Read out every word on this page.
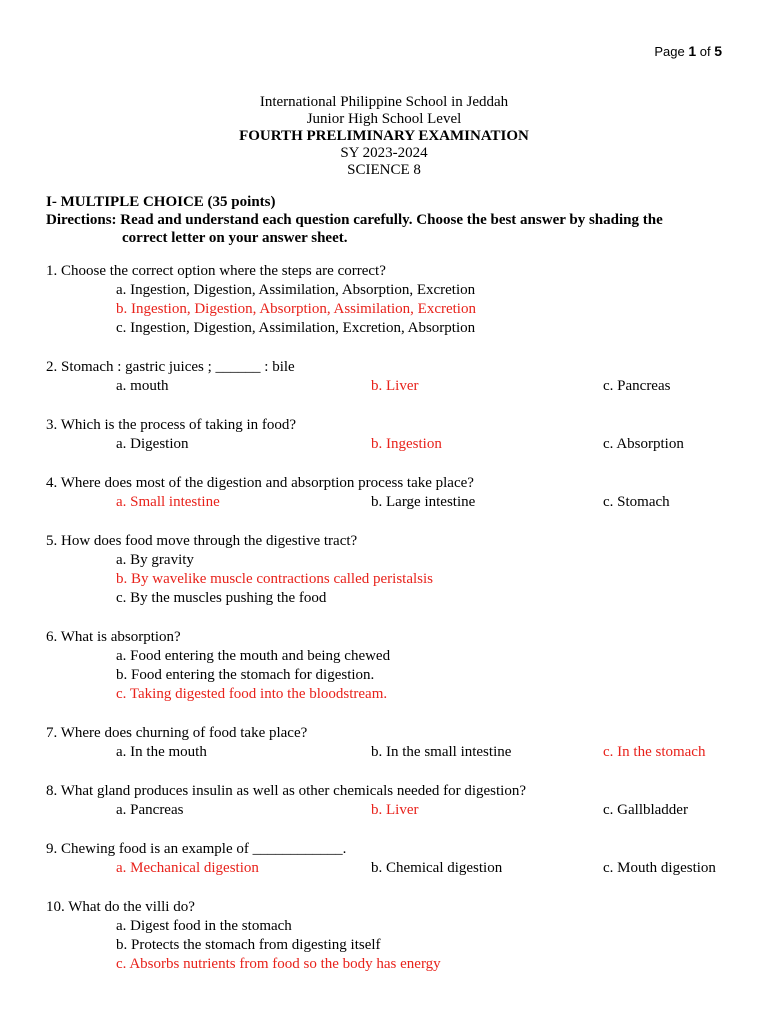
Page 1 of 5
International Philippine School in Jeddah
Junior High School Level
FOURTH PRELIMINARY EXAMINATION
SY 2023-2024
SCIENCE 8
I- MULTIPLE CHOICE (35 points)
Directions: Read and understand each question carefully. Choose the best answer by shading the
correct letter on your answer sheet.
1. Choose the correct option where the steps are correct?
a. Ingestion, Digestion, Assimilation, Absorption, Excretion
b. Ingestion, Digestion, Absorption, Assimilation, Excretion
c. Ingestion, Digestion, Assimilation, Excretion, Absorption
2. Stomach : gastric juices ; ______ : bile
a. mouth	b. Liver	c. Pancreas
3. Which is the process of taking in food?
a. Digestion	b. Ingestion	c. Absorption
4. Where does most of the digestion and absorption process take place?
a. Small intestine	b. Large intestine	c. Stomach
5. How does food move through the digestive tract?
a. By gravity
b. By wavelike muscle contractions called peristalsis
c. By the muscles pushing the food
6. What is absorption?
a. Food entering the mouth and being chewed
b. Food entering the stomach for digestion.
c. Taking digested food into the bloodstream.
7. Where does churning of food take place?
a. In the mouth	b. In the small intestine	c. In the stomach
8. What gland produces insulin as well as other chemicals needed for digestion?
a. Pancreas	b. Liver	c. Gallbladder
9. Chewing food is an example of ____________.
a. Mechanical digestion	b. Chemical digestion	c. Mouth digestion
10. What do the villi do?
a. Digest food in the stomach
b. Protects the stomach from digesting itself
c. Absorbs nutrients from food so the body has energy
